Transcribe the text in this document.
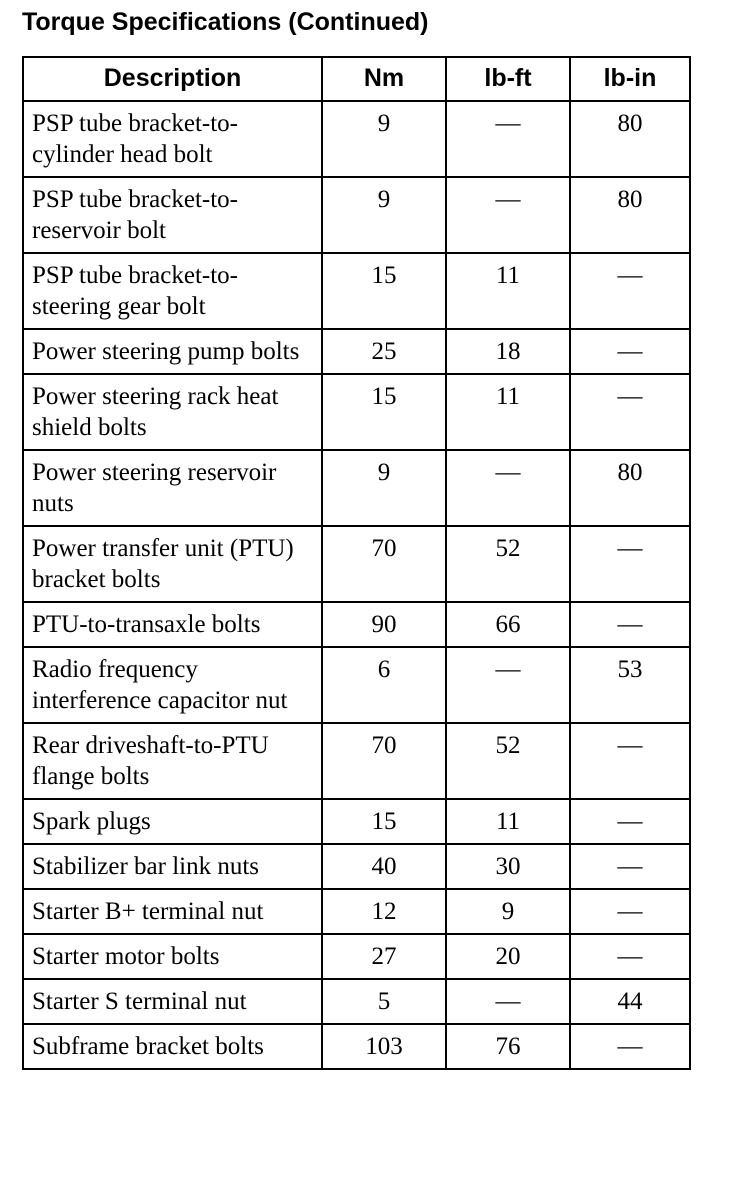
Torque Specifications (Continued)
Description	Nm	lb-ft	lb-in
PSP tube bracket-to-cylinder head bolt	9	—	80
PSP tube bracket-to-reservoir bolt	9	—	80
PSP tube bracket-to-steering gear bolt	15	11	—
Power steering pump bolts	25	18	—
Power steering rack heat shield bolts	15	11	—
Power steering reservoir nuts	9	—	80
Power transfer unit (PTU) bracket bolts	70	52	—
PTU-to-transaxle bolts	90	66	—
Radio frequency interference capacitor nut	6	—	53
Rear driveshaft-to-PTU flange bolts	70	52	—
Spark plugs	15	11	—
Stabilizer bar link nuts	40	30	—
Starter B+ terminal nut	12	9	—
Starter motor bolts	27	20	—
Starter S terminal nut	5	—	44
Subframe bracket bolts	103	76	—
